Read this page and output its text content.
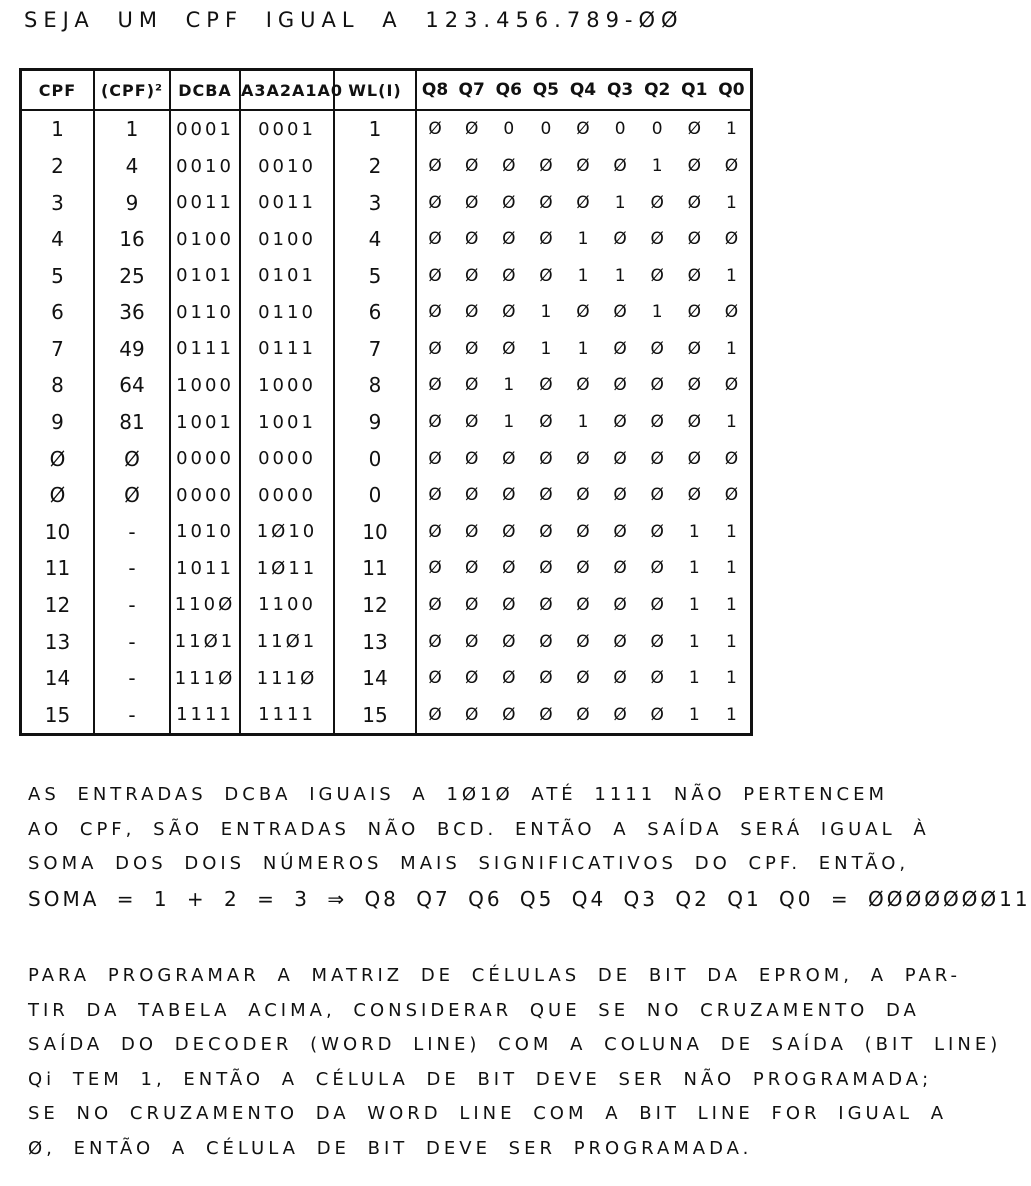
SEJA UM CPF IGUAL A 123.456.789-ØØ
CPF	(CPF)²	DCBA	A3A2A1A0	WL(I)	Q8	Q7	Q6	Q5	Q4	Q3	Q2	Q1	Q0
1	1	0001	0001	1	Ø	Ø	0	0	Ø	0	0	Ø	1
2	4	0010	0010	2	Ø	Ø	Ø	Ø	Ø	Ø	1	Ø	Ø
3	9	0011	0011	3	Ø	Ø	Ø	Ø	Ø	1	Ø	Ø	1
4	16	0100	0100	4	Ø	Ø	Ø	Ø	1	Ø	Ø	Ø	Ø
5	25	0101	0101	5	Ø	Ø	Ø	Ø	1	1	Ø	Ø	1
6	36	0110	0110	6	Ø	Ø	Ø	1	Ø	Ø	1	Ø	Ø
7	49	0111	0111	7	Ø	Ø	Ø	1	1	Ø	Ø	Ø	1
8	64	1000	1000	8	Ø	Ø	1	Ø	Ø	Ø	Ø	Ø	Ø
9	81	1001	1001	9	Ø	Ø	1	Ø	1	Ø	Ø	Ø	1
Ø	Ø	0000	0000	0	Ø	Ø	Ø	Ø	Ø	Ø	Ø	Ø	Ø
Ø	Ø	0000	0000	0	Ø	Ø	Ø	Ø	Ø	Ø	Ø	Ø	Ø
10	-	1010	1Ø10	10	Ø	Ø	Ø	Ø	Ø	Ø	Ø	1	1
11	-	1011	1Ø11	11	Ø	Ø	Ø	Ø	Ø	Ø	Ø	1	1
12	-	110Ø	1100	12	Ø	Ø	Ø	Ø	Ø	Ø	Ø	1	1
13	-	11Ø1	11Ø1	13	Ø	Ø	Ø	Ø	Ø	Ø	Ø	1	1
14	-	111Ø	111Ø	14	Ø	Ø	Ø	Ø	Ø	Ø	Ø	1	1
15	-	1111	1111	15	Ø	Ø	Ø	Ø	Ø	Ø	Ø	1	1

AS ENTRADAS DCBA IGUAIS A 1Ø1Ø ATÉ 1111 NÃO PERTENCEM

AO CPF, SÃO ENTRADAS NÃO BCD. ENTÃO A SAÍDA SERÁ IGUAL À

SOMA DOS DOIS NÚMEROS MAIS SIGNIFICATIVOS DO CPF. ENTÃO,

SOMA = 1 + 2 = 3 ⇒ Q8 Q7 Q6 Q5 Q4 Q3 Q2 Q1 Q0 = ØØØØØØØ11

PARA PROGRAMAR A MATRIZ DE CÉLULAS DE BIT DA EPROM, A PAR-

TIR DA TABELA ACIMA, CONSIDERAR QUE SE NO CRUZAMENTO DA

SAÍDA DO DECODER (WORD LINE) COM A COLUNA DE SAÍDA (BIT LINE)

Qi TEM 1, ENTÃO A CÉLULA DE BIT DEVE SER NÃO PROGRAMADA;

SE NO CRUZAMENTO DA WORD LINE COM A BIT LINE FOR IGUAL A

Ø, ENTÃO A CÉLULA DE BIT DEVE SER PROGRAMADA.
